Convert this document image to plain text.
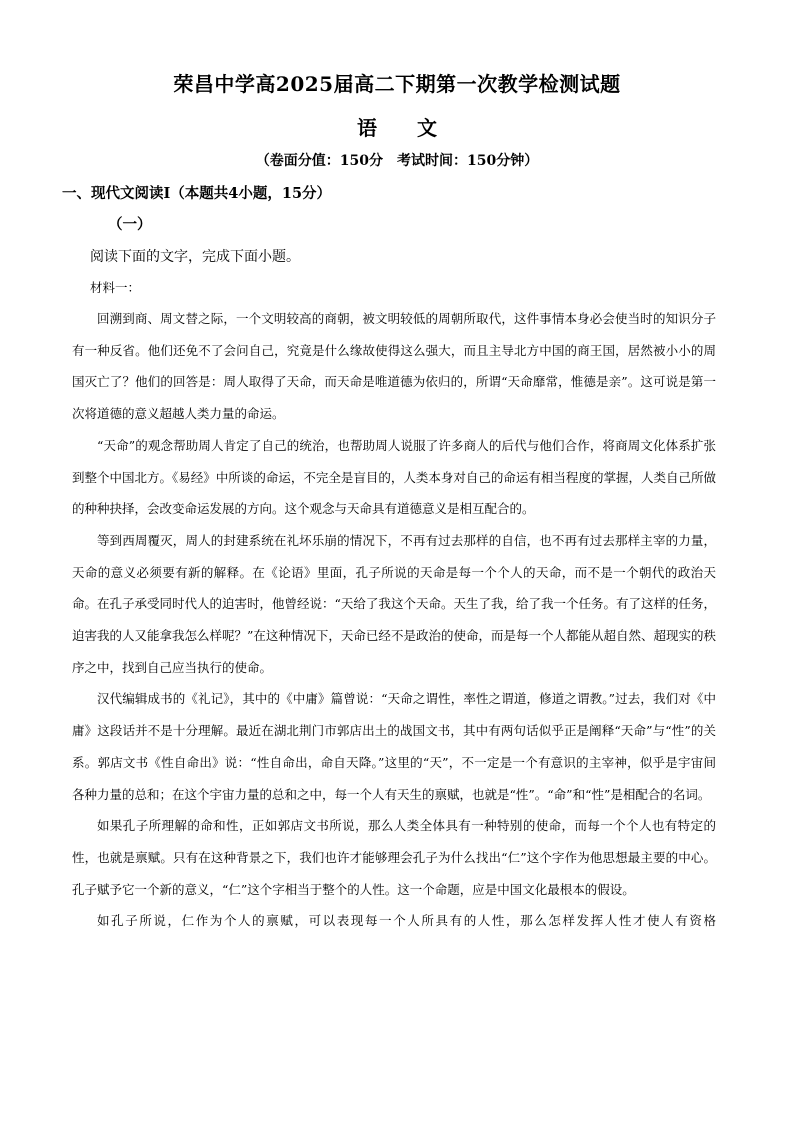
荣昌中学高2025届高二下期第一次教学检测试题
语　　文
（卷面分值：150分　考试时间：150分钟）
一、现代文阅读Ⅰ（本题共4小题，15分）
（一）
阅读下面的文字，完成下面小题。
材料一：

回溯到商、周文替之际，一个文明较高的商朝，被文明较低的周朝所取代，这件事情本身必会使当时的知识分子有一种反省。他们还免不了会问自己，究竟是什么缘故使得这么强大，而且主导北方中国的商王国，居然被小小的周国灭亡了？他们的回答是：周人取得了天命，而天命是唯道德为依归的，所谓“天命靡常，惟德是亲”。这可说是第一次将道德的意义超越人类力量的命运。

“天命”的观念帮助周人肯定了自己的统治，也帮助周人说服了许多商人的后代与他们合作，将商周文化体系扩张到整个中国北方。《易经》中所谈的命运，不完全是盲目的，人类本身对自己的命运有相当程度的掌握，人类自己所做的种种抉择，会改变命运发展的方向。这个观念与天命具有道德意义是相互配合的。

等到西周覆灭，周人的封建系统在礼坏乐崩的情况下，不再有过去那样的自信，也不再有过去那样主宰的力量，天命的意义必须要有新的解释。在《论语》里面，孔子所说的天命是每一个个人的天命，而不是一个朝代的政治天命。在孔子承受同时代人的迫害时，他曾经说：“天给了我这个天命。天生了我，给了我一个任务。有了这样的任务，迫害我的人又能拿我怎么样呢？”在这种情况下，天命已经不是政治的使命，而是每一个人都能从超自然、超现实的秩序之中，找到自己应当执行的使命。

汉代编辑成书的《礼记》，其中的《中庸》篇曾说：“天命之谓性，率性之谓道，修道之谓教。”过去，我们对《中庸》这段话并不是十分理解。最近在湖北荆门市郭店出土的战国文书，其中有两句话似乎正是阐释“天命”与“性”的关系。郭店文书《性自命出》说：“性自命出，命自天降。”这里的“天”，不一定是一个有意识的主宰神，似乎是宇宙间各种力量的总和；在这个宇宙力量的总和之中，每一个人有天生的禀赋，也就是“性”。“命”和“性”是相配合的名词。

如果孔子所理解的命和性，正如郭店文书所说，那么人类全体具有一种特别的使命，而每一个个人也有特定的性，也就是禀赋。只有在这种背景之下，我们也许才能够理会孔子为什么找出“仁”这个字作为他思想最主要的中心。孔子赋予它一个新的意义，“仁”这个字相当于整个的人性。这一个命题，应是中国文化最根本的假设。

如孔子所说，仁作为个人的禀赋，可以表现每一个人所具有的人性，那么怎样发挥人性才使人有资格
